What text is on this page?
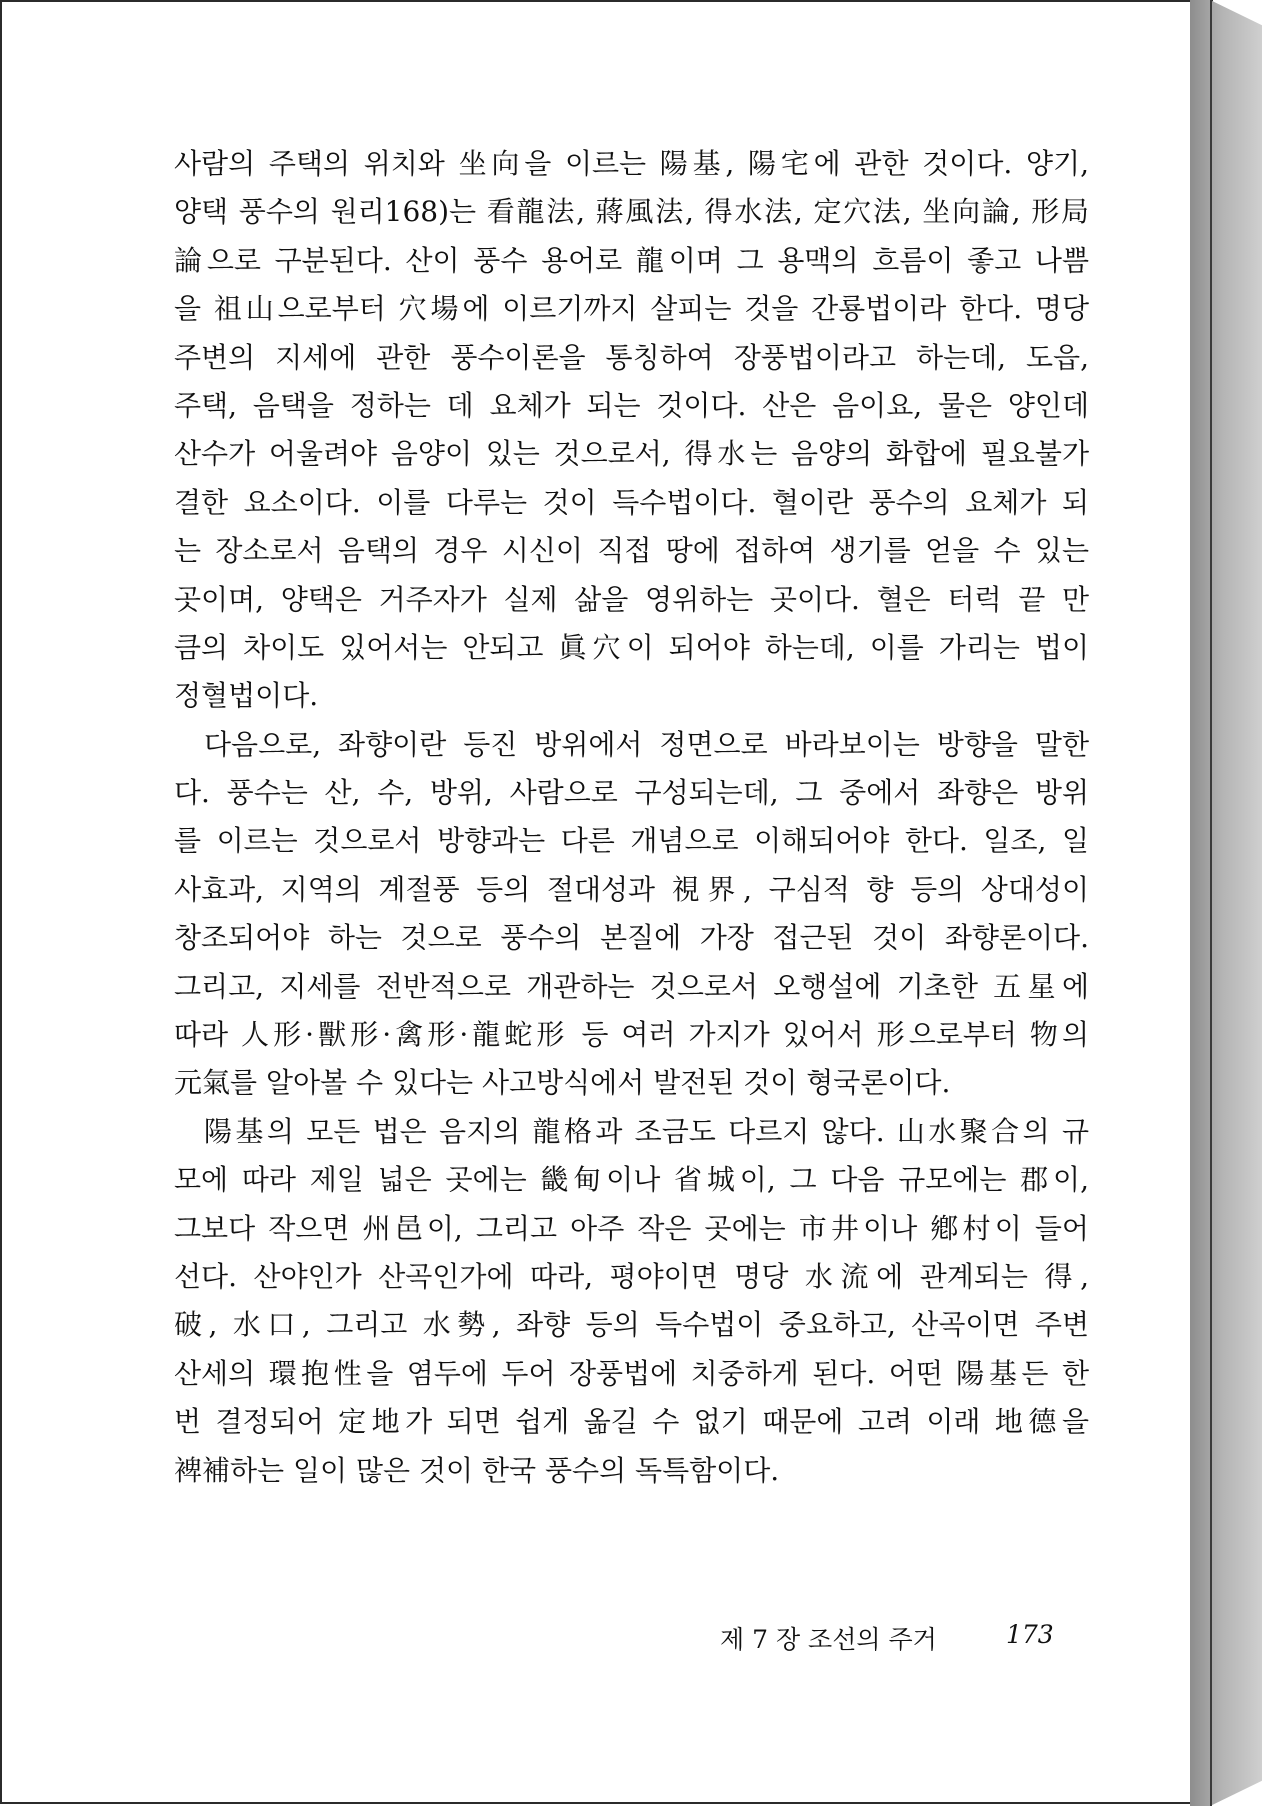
사람의 주택의 위치와 坐向을 이르는 陽基, 陽宅에 관한 것이다. 양기,
양택 풍수의 원리168)는 看龍法, 蔣風法, 得水法, 定穴法, 坐向論, 形局
論으로 구분된다. 산이 풍수 용어로 龍이며 그 용맥의 흐름이 좋고 나쁨
을 祖山으로부터 穴場에 이르기까지 살피는 것을 간룡법이라 한다. 명당
주변의 지세에 관한 풍수이론을 통칭하여 장풍법이라고 하는데, 도읍,
주택, 음택을 정하는 데 요체가 되는 것이다. 산은 음이요, 물은 양인데
산수가 어울려야 음양이 있는 것으로서, 得水는 음양의 화합에 필요불가
결한 요소이다. 이를 다루는 것이 득수법이다. 혈이란 풍수의 요체가 되
는 장소로서 음택의 경우 시신이 직접 땅에 접하여 생기를 얻을 수 있는
곳이며, 양택은 거주자가 실제 삶을 영위하는 곳이다. 혈은 터럭 끝 만
큼의 차이도 있어서는 안되고 眞穴이 되어야 하는데, 이를 가리는 법이
정혈법이다.
다음으로, 좌향이란 등진 방위에서 정면으로 바라보이는 방향을 말한
다. 풍수는 산, 수, 방위, 사람으로 구성되는데, 그 중에서 좌향은 방위
를 이르는 것으로서 방향과는 다른 개념으로 이해되어야 한다. 일조, 일
사효과, 지역의 계절풍 등의 절대성과 視界, 구심적 향 등의 상대성이
창조되어야 하는 것으로 풍수의 본질에 가장 접근된 것이 좌향론이다.
그리고, 지세를 전반적으로 개관하는 것으로서 오행설에 기초한 五星에
따라 人形·獸形·禽形·龍蛇形 등 여러 가지가 있어서 形으로부터 物의
元氣를 알아볼 수 있다는 사고방식에서 발전된 것이 형국론이다.
陽基의 모든 법은 음지의 龍格과 조금도 다르지 않다. 山水聚合의 규
모에 따라 제일 넓은 곳에는 畿甸이나 省城이, 그 다음 규모에는 郡이,
그보다 작으면 州邑이, 그리고 아주 작은 곳에는 市井이나 鄕村이 들어
선다. 산야인가 산곡인가에 따라, 평야이면 명당 水流에 관계되는 得,
破, 水口, 그리고 水勢, 좌향 등의 득수법이 중요하고, 산곡이면 주변
산세의 環抱性을 염두에 두어 장풍법에 치중하게 된다. 어떤 陽基든 한
번 결정되어 定地가 되면 쉽게 옮길 수 없기 때문에 고려 이래 地德을
裨補하는 일이 많은 것이 한국 풍수의 독특함이다.
제 7 장 조선의 주거	173
